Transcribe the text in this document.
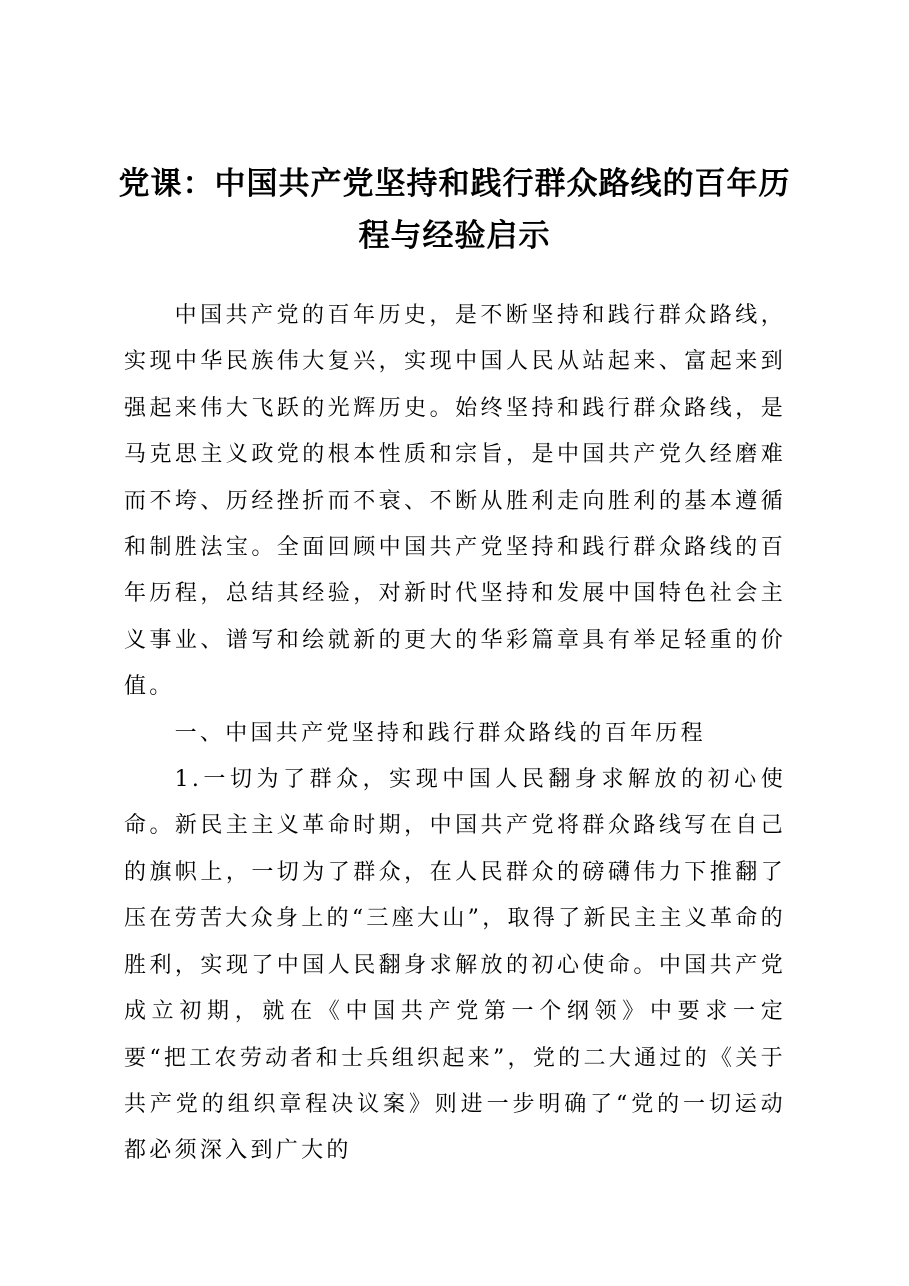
党课：中国共产党坚持和践行群众路线的百年历程与经验启示

中国共产党的百年历史，是不断坚持和践行群众路线，实现中华民族伟大复兴，实现中国人民从站起来、富起来到强起来伟大飞跃的光辉历史。始终坚持和践行群众路线，是马克思主义政党的根本性质和宗旨，是中国共产党久经磨难而不垮、历经挫折而不衰、不断从胜利走向胜利的基本遵循和制胜法宝。全面回顾中国共产党坚持和践行群众路线的百年历程，总结其经验，对新时代坚持和发展中国特色社会主义事业、谱写和绘就新的更大的华彩篇章具有举足轻重的价值。

一、中国共产党坚持和践行群众路线的百年历程

1.一切为了群众，实现中国人民翻身求解放的初心使命。新民主主义革命时期，中国共产党将群众路线写在自己的旗帜上，一切为了群众，在人民群众的磅礴伟力下推翻了压在劳苦大众身上的“三座大山”，取得了新民主主义革命的胜利，实现了中国人民翻身求解放的初心使命。中国共产党成立初期，就在《中国共产党第一个纲领》中要求一定要“把工农劳动者和士兵组织起来”，党的二大通过的《关于共产党的组织章程决议案》则进一步明确了“党的一切运动都必须深入到广大的
